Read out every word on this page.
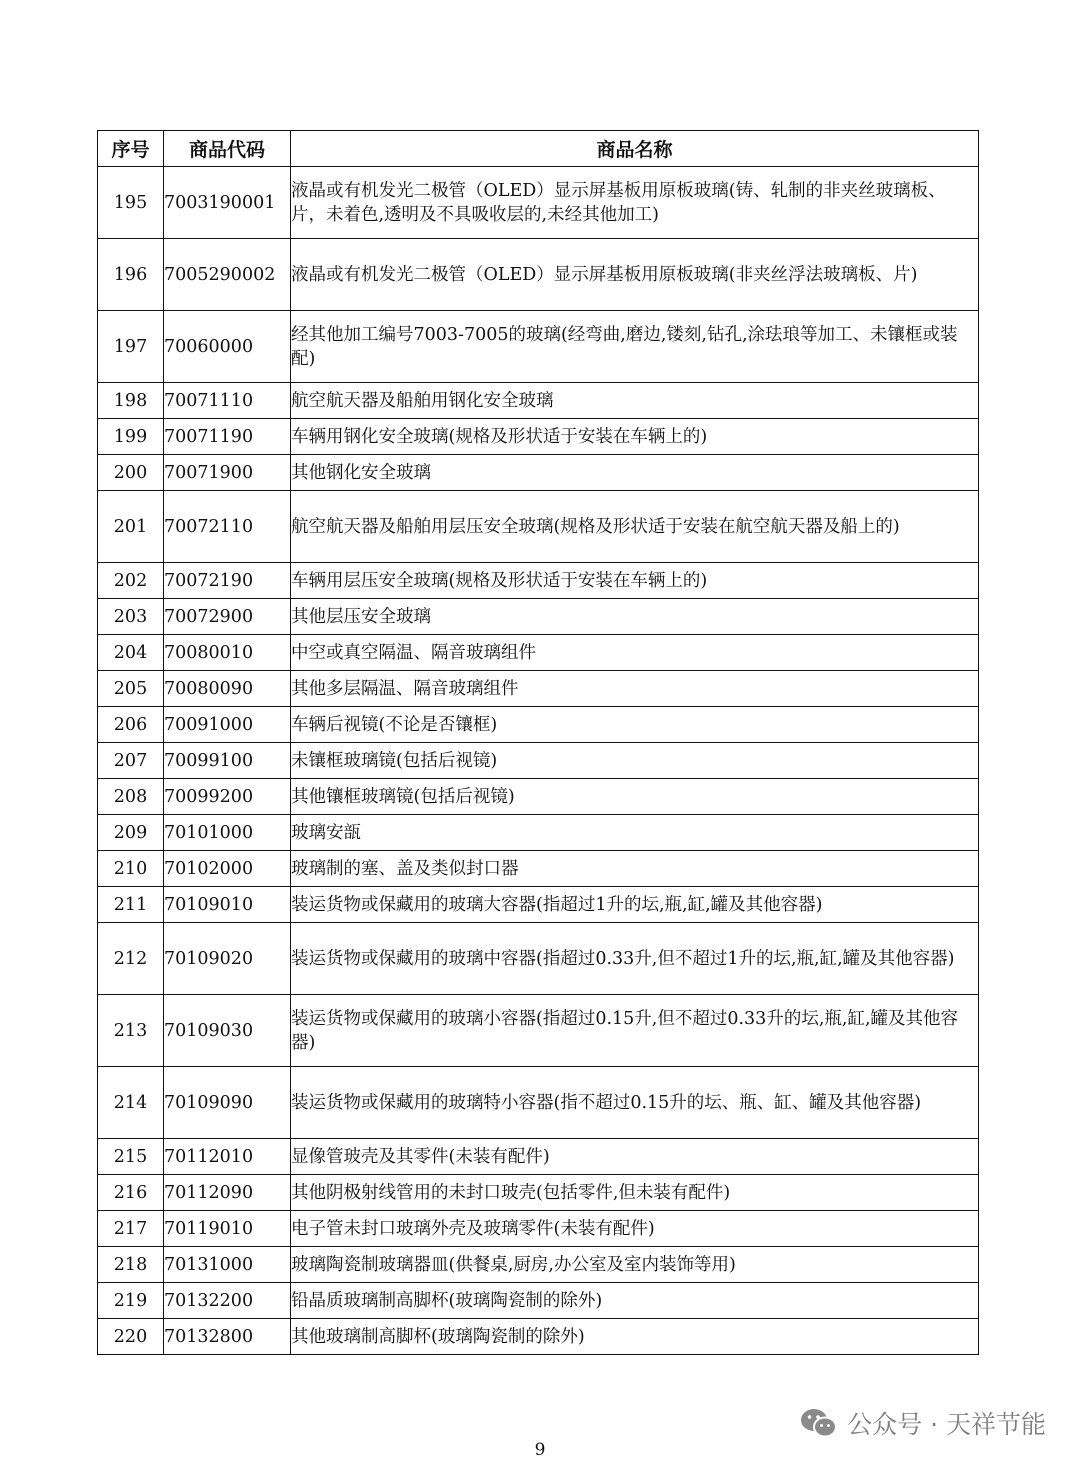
序号	商品代码	商品名称
195	7003190001	液晶或有机发光二极管（OLED）显示屏基板用原板玻璃(铸、轧制的非夹丝玻璃板、片，未着色,透明及不具吸收层的,未经其他加工)
196	7005290002	液晶或有机发光二极管（OLED）显示屏基板用原板玻璃(非夹丝浮法玻璃板、片)
197	70060000	经其他加工编号7003-7005的玻璃(经弯曲,磨边,镂刻,钻孔,涂珐琅等加工、未镶框或装配)
198	70071110	航空航天器及船舶用钢化安全玻璃
199	70071190	车辆用钢化安全玻璃(规格及形状适于安装在车辆上的)
200	70071900	其他钢化安全玻璃
201	70072110	航空航天器及船舶用层压安全玻璃(规格及形状适于安装在航空航天器及船上的)
202	70072190	车辆用层压安全玻璃(规格及形状适于安装在车辆上的)
203	70072900	其他层压安全玻璃
204	70080010	中空或真空隔温、隔音玻璃组件
205	70080090	其他多层隔温、隔音玻璃组件
206	70091000	车辆后视镜(不论是否镶框)
207	70099100	未镶框玻璃镜(包括后视镜)
208	70099200	其他镶框玻璃镜(包括后视镜)
209	70101000	玻璃安瓿
210	70102000	玻璃制的塞、盖及类似封口器
211	70109010	装运货物或保藏用的玻璃大容器(指超过1升的坛,瓶,缸,罐及其他容器)
212	70109020	装运货物或保藏用的玻璃中容器(指超过0.33升,但不超过1升的坛,瓶,缸,罐及其他容器)
213	70109030	装运货物或保藏用的玻璃小容器(指超过0.15升,但不超过0.33升的坛,瓶,缸,罐及其他容器)
214	70109090	装运货物或保藏用的玻璃特小容器(指不超过0.15升的坛、瓶、缸、罐及其他容器)
215	70112010	显像管玻壳及其零件(未装有配件)
216	70112090	其他阴极射线管用的未封口玻壳(包括零件,但未装有配件)
217	70119010	电子管未封口玻璃外壳及玻璃零件(未装有配件)
218	70131000	玻璃陶瓷制玻璃器皿(供餐桌,厨房,办公室及室内装饰等用)
219	70132200	铅晶质玻璃制高脚杯(玻璃陶瓷制的除外)
220	70132800	其他玻璃制高脚杯(玻璃陶瓷制的除外)
公众号 · 天祥节能
9
